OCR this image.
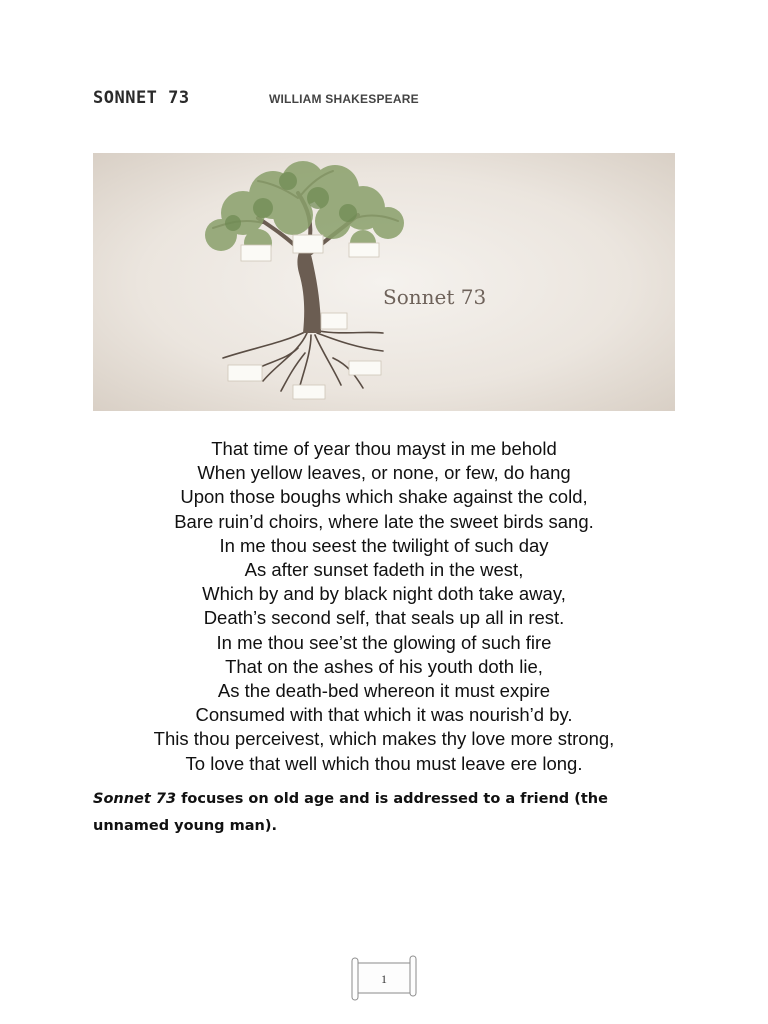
SONNET 73	WILLIAM SHAKESPEARE
Sonnet 73
That time of year thou mayst in me behold
When yellow leaves, or none, or few, do hang
Upon those boughs which shake against the cold,
Bare ruin’d choirs, where late the sweet birds sang.
In me thou seest the twilight of such day
As after sunset fadeth in the west,
Which by and by black night doth take away,
Death’s second self, that seals up all in rest.
In me thou see’st the glowing of such fire
That on the ashes of his youth doth lie,
As the death-bed whereon it must expire
Consumed with that which it was nourish’d by.
This thou perceivest, which makes thy love more strong,
To love that well which thou must leave ere long.
Sonnet 73 focuses on old age and is addressed to a friend (the unnamed young man).
1
